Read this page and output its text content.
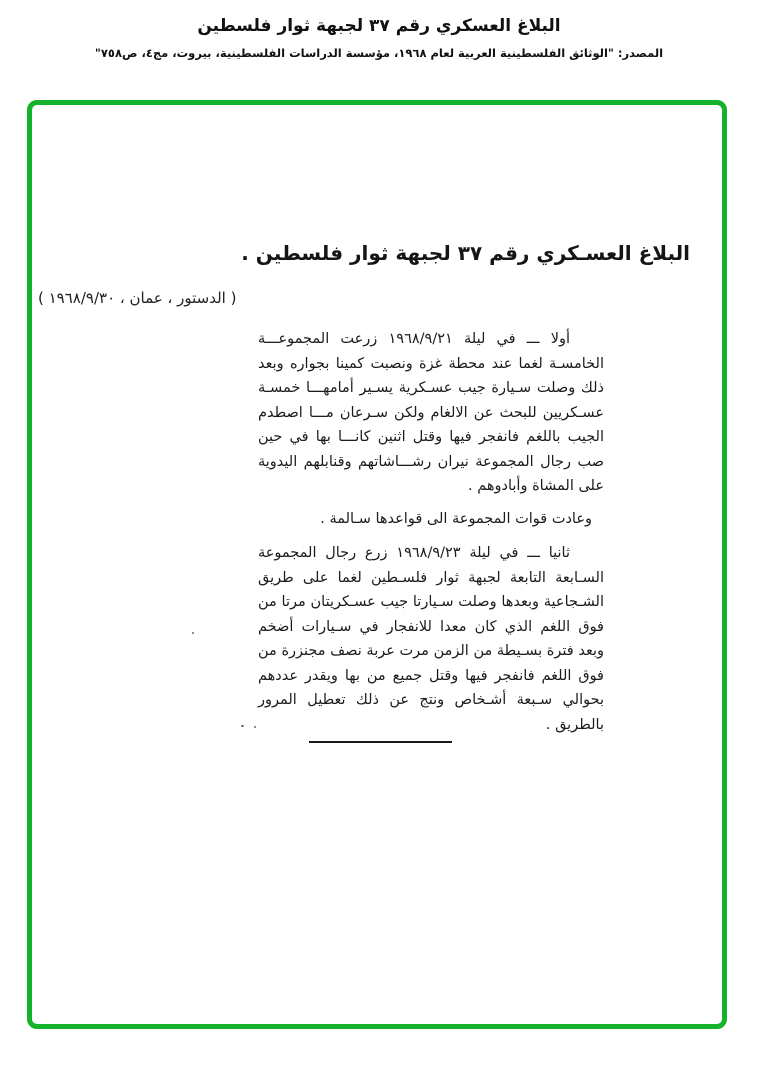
البلاغ العسكري رقم ٣٧ لجبهة ثوار فلسطين
المصدر: "الوثائق الفلسطينية العربية لعام ١٩٦٨، مؤسسة الدراسات الفلسطينية، بيروت، مج٤، ص٧٥٨"
البلاغ العسـكري رقم ٣٧ لجبهة ثوار فلسطين .
( الدستور ، عمان ، ١٩٦٨/٩/٣٠ )

أولا ـــ في ليلة ١٩٦٨/٩/٢١ زرعت المجموعـــة الخامسـة لغما عند محطة غزة ونصبت كمينا بجواره وبعد ذلك وصلت سـيارة جيب عسـكرية يسـير أمامهـــا خمسـة عسـكريين للبحث عن الالغام ولكن سـرعان مـــا اصطدم الجيب باللغم فانفجر فيها وقتل اثنين كانـــا بها في حين صب رجال المجموعة نيران رشـــاشاتهم وقنابلهم اليدوية على المشاة وأبادوهم .

وعادت قوات المجموعة الى قواعدها سـالمة .

ثانيا ـــ في ليلة ١٩٦٨/٩/٢٣ زرع رجال المجموعة السـابعة التابعة لجبهة ثوار فلسـطين لغما على طريق الشـجاعية وبعدها وصلت سـيارتا جيب عسـكريتان مرتا من فوق اللغم الذي كان معدا للانفجار في سـيارات أضخم وبعد فترة بسـيطة من الزمن مرت عربة نصف مجنزرة من فوق اللغم فانفجر فيها وقتل جميع من بها ويقدر عددهم بحوالي سـبعة أشـخاص ونتج عن ذلك تعطيل المرور بالطريق .
